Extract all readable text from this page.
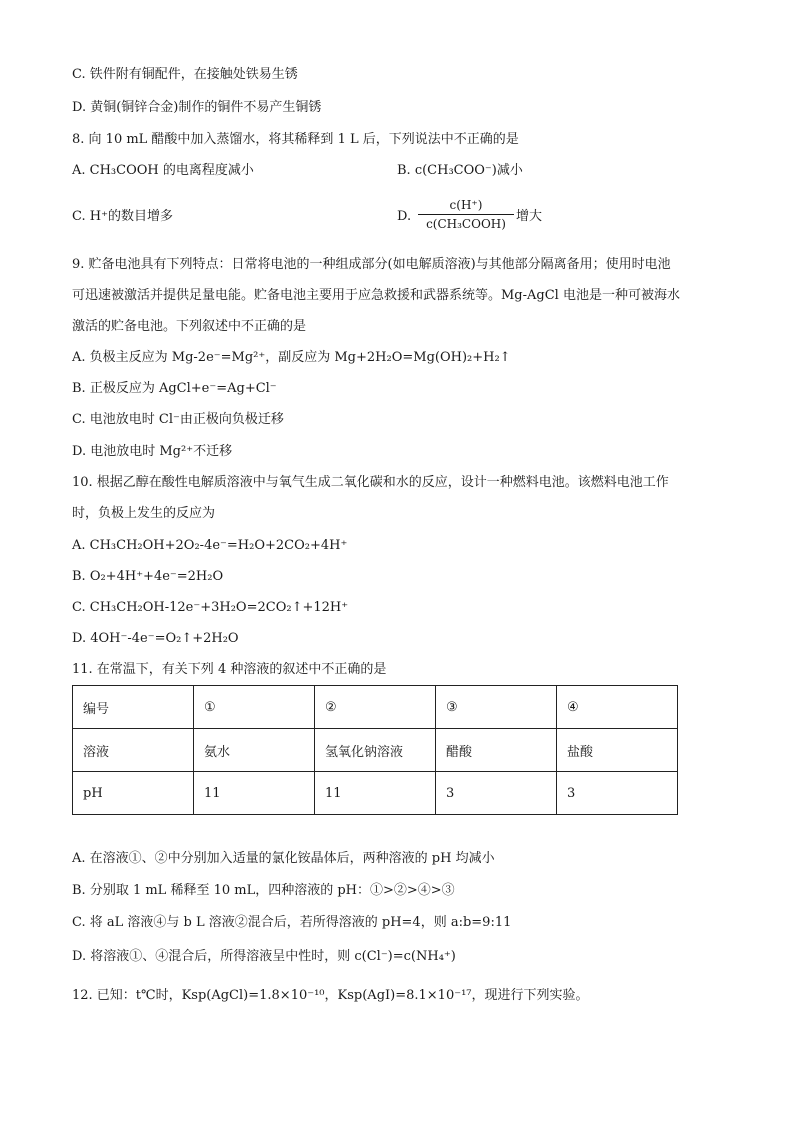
C. 铁件附有铜配件，在接触处铁易生锈
D. 黄铜(铜锌合金)制作的铜件不易产生铜锈
8. 向 10 mL 醋酸中加入蒸馏水，将其稀释到 1 L 后，下列说法中不正确的是
A. CH₃COOH 的电离程度减小	B. c(CH₃COO⁻)减小
C. H⁺的数目增多	D.
c(H⁺)
c(CH₃COOH) 增大
9. 贮备电池具有下列特点：日常将电池的一种组成部分(如电解质溶液)与其他部分隔离备用；使用时电池
可迅速被激活并提供足量电能。贮备电池主要用于应急救援和武器系统等。Mg-AgCl 电池是一种可被海水
激活的贮备电池。下列叙述中不正确的是
A. 负极主反应为 Mg-2e⁻=Mg²⁺，副反应为 Mg+2H₂O=Mg(OH)₂+H₂↑
B. 正极反应为 AgCl+e⁻=Ag+Cl⁻
C. 电池放电时 Cl⁻由正极向负极迁移
D. 电池放电时 Mg²⁺不迁移
10. 根据乙醇在酸性电解质溶液中与氧气生成二氧化碳和水的反应，设计一种燃料电池。该燃料电池工作
时，负极上发生的反应为
A. CH₃CH₂OH+2O₂-4e⁻=H₂O+2CO₂+4H⁺
B. O₂+4H⁺+4e⁻=2H₂O
C. CH₃CH₂OH-12e⁻+3H₂O=2CO₂↑+12H⁺
D. 4OH⁻-4e⁻=O₂↑+2H₂O
11. 在常温下，有关下列 4 种溶液的叙述中不正确的是
编号	①	②	③	④
溶液	氨水	氢氧化钠溶液	醋酸	盐酸
pH	11	11	3	3
A. 在溶液①、②中分别加入适量的氯化铵晶体后，两种溶液的 pH 均减小
B. 分别取 1 mL 稀释至 10 mL，四种溶液的 pH：①>②>④>③
C. 将 aL 溶液④与 b L 溶液②混合后，若所得溶液的 pH=4，则 a:b=9:11
D. 将溶液①、④混合后，所得溶液呈中性时，则 c(Cl⁻)=c(NH₄⁺)
12. 已知：t℃时，Ksp(AgCl)=1.8×10⁻¹⁰，Ksp(AgI)=8.1×10⁻¹⁷，现进行下列实验。
